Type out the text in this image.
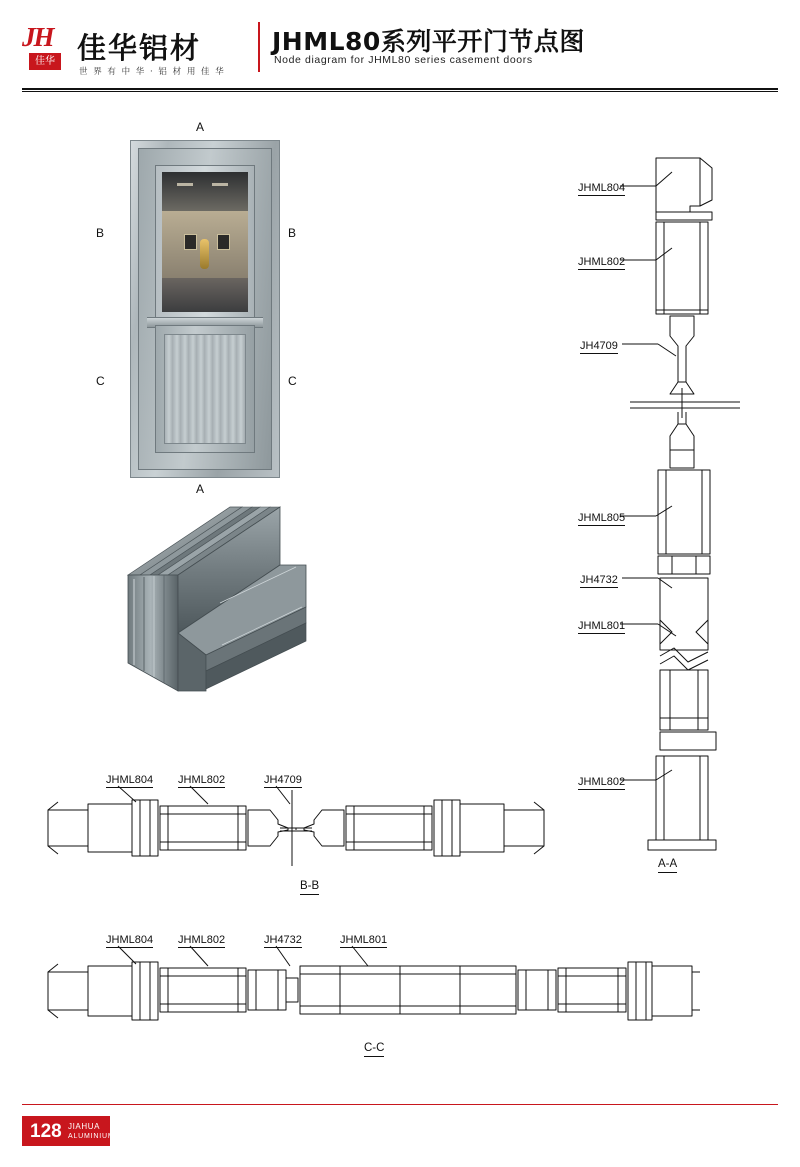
JH
佳华 佳华铝材
世 界 有 中 华 · 铝 材 用 佳 华
JHML80系列平开门节点图
Node diagram for JHML80 series casement doors
A
A
B	B
C	C
JHML804
JHML802
JH4709
JHML805
JH4732
JHML801
JHML802
A-A
JHML804 JHML802	JH4709
B-B
JHML804 JHML802	JH4732	JHML801
C-C
128 JIAHUA
ALUMINIUM
